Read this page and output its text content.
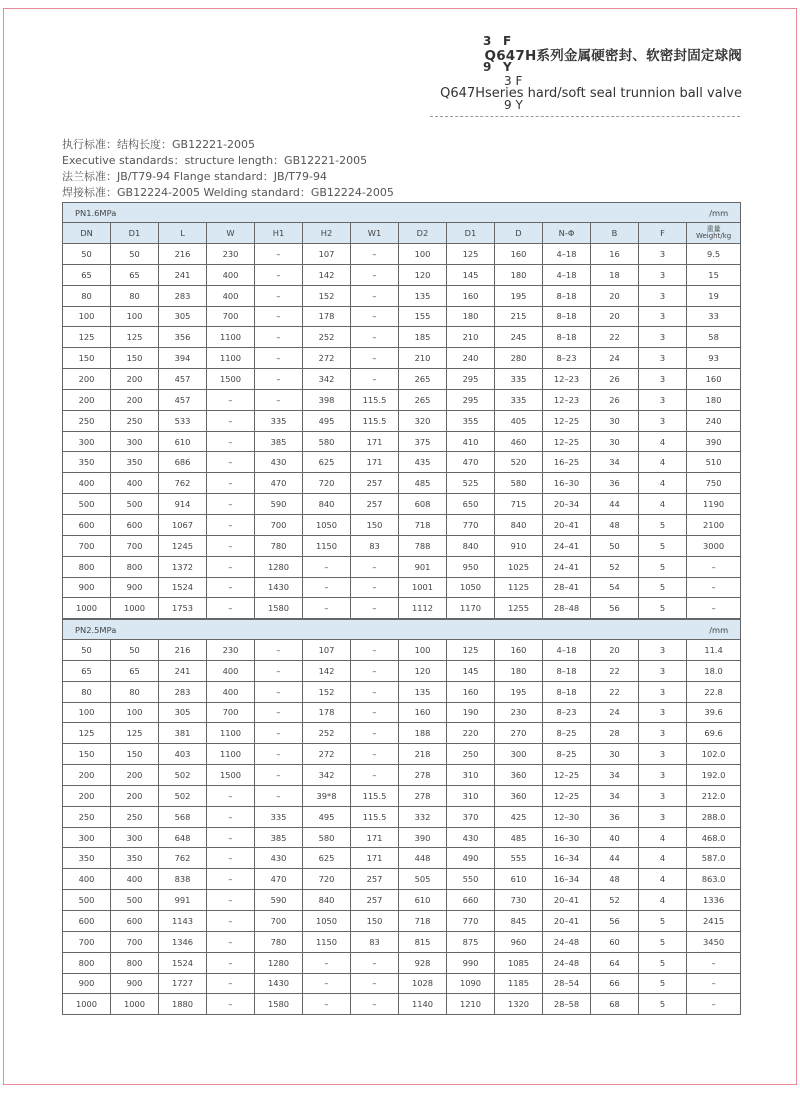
3 F
9 Y
Q647H系列金属硬密封、软密封固定球阀
3 F
Q647Hseries hard/soft seal trunnion ball valve
9 Y
执行标准：结构长度：GB12221-2005
Executive standards：structure length：GB12221-2005
法兰标准：JB/T79-94 Flange standard：JB/T79-94
焊接标准：GB12224-2005 Welding standard：GB12224-2005
/mm
PN1.6MPa													
DN	D1	L	W	H1	H2	W1	D2	D1	D	N-Φ	B	F	重量
Weight/kg

50	50	216	230	–	107	–	100	125	160	4–18	16	3	9.5
65	65	241	400	–	142	–	120	145	180	4–18	18	3	15
80	80	283	400	–	152	–	135	160	195	8–18	20	3	19
100	100	305	700	–	178	–	155	180	215	8–18	20	3	33
125	125	356	1100	–	252	–	185	210	245	8–18	22	3	58
150	150	394	1100	–	272	–	210	240	280	8–23	24	3	93
200	200	457	1500	–	342	–	265	295	335	12–23	26	3	160
200	200	457	–	–	398	115.5	265	295	335	12–23	26	3	180
250	250	533	–	335	495	115.5	320	355	405	12–25	30	3	240
300	300	610	–	385	580	171	375	410	460	12–25	30	4	390
350	350	686	–	430	625	171	435	470	520	16–25	34	4	510
400	400	762	–	470	720	257	485	525	580	16–30	36	4	750
500	500	914	–	590	840	257	608	650	715	20–34	44	4	1190
600	600	1067	–	700	1050	150	718	770	840	20–41	48	5	2100
700	700	1245	–	780	1150	83	788	840	910	24–41	50	5	3000
800	800	1372	–	1280	–	–	901	950	1025	24–41	52	5	–
900	900	1524	–	1430	–	–	1001	1050	1125	28–41	54	5	–
1000	1000	1753	–	1580	–	–	1112	1170	1255	28–48	56	5	–
/mm
PN2.5MPa													
50	50	216	230	–	107	–	100	125	160	4–18	20	3	11.4
65	65	241	400	–	142	–	120	145	180	8–18	22	3	18.0
80	80	283	400	–	152	–	135	160	195	8–18	22	3	22.8
100	100	305	700	–	178	–	160	190	230	8–23	24	3	39.6
125	125	381	1100	–	252	–	188	220	270	8–25	28	3	69.6
150	150	403	1100	–	272	–	218	250	300	8–25	30	3	102.0
200	200	502	1500	–	342	–	278	310	360	12–25	34	3	192.0
200	200	502	–	–	39*8	115.5	278	310	360	12–25	34	3	212.0
250	250	568	–	335	495	115.5	332	370	425	12–30	36	3	288.0
300	300	648	–	385	580	171	390	430	485	16–30	40	4	468.0
350	350	762	–	430	625	171	448	490	555	16–34	44	4	587.0
400	400	838	–	470	720	257	505	550	610	16–34	48	4	863.0
500	500	991	–	590	840	257	610	660	730	20–41	52	4	1336
600	600	1143	–	700	1050	150	718	770	845	20–41	56	5	2415
700	700	1346	–	780	1150	83	815	875	960	24–48	60	5	3450
800	800	1524	–	1280	–	–	928	990	1085	24–48	64	5	–
900	900	1727	–	1430	–	–	1028	1090	1185	28–54	66	5	–
1000	1000	1880	–	1580	–	–	1140	1210	1320	28–58	68	5	–
